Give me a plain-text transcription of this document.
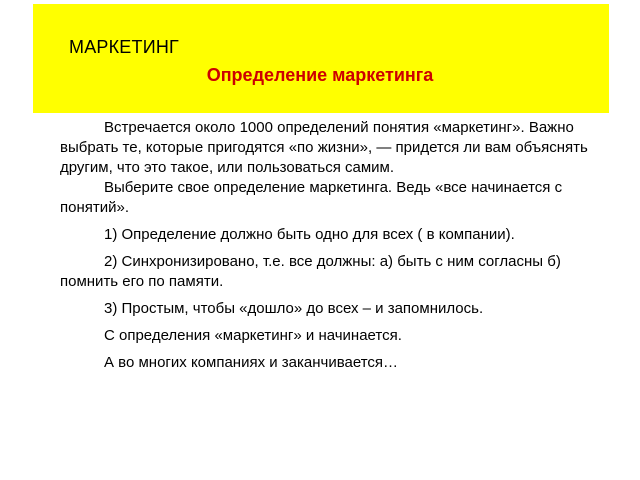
МАРКЕТИНГ
Определение маркетинга

Встречается около 1000 определений понятия «маркетинг». Важно выбрать те, которые пригодятся «по жизни», — придется ли вам объяснять другим, что это такое, или пользоваться самим.

Выберите свое определение маркетинга. Ведь «все начинается с понятий».

1) Определение должно быть одно для всех ( в компании).

2) Синхронизировано, т.е. все должны: а) быть с ним согласны б) помнить его по памяти.

3) Простым, чтобы «дошло» до всех – и запомнилось.

С определения «маркетинг» и начинается.

А во многих компаниях и заканчивается…
